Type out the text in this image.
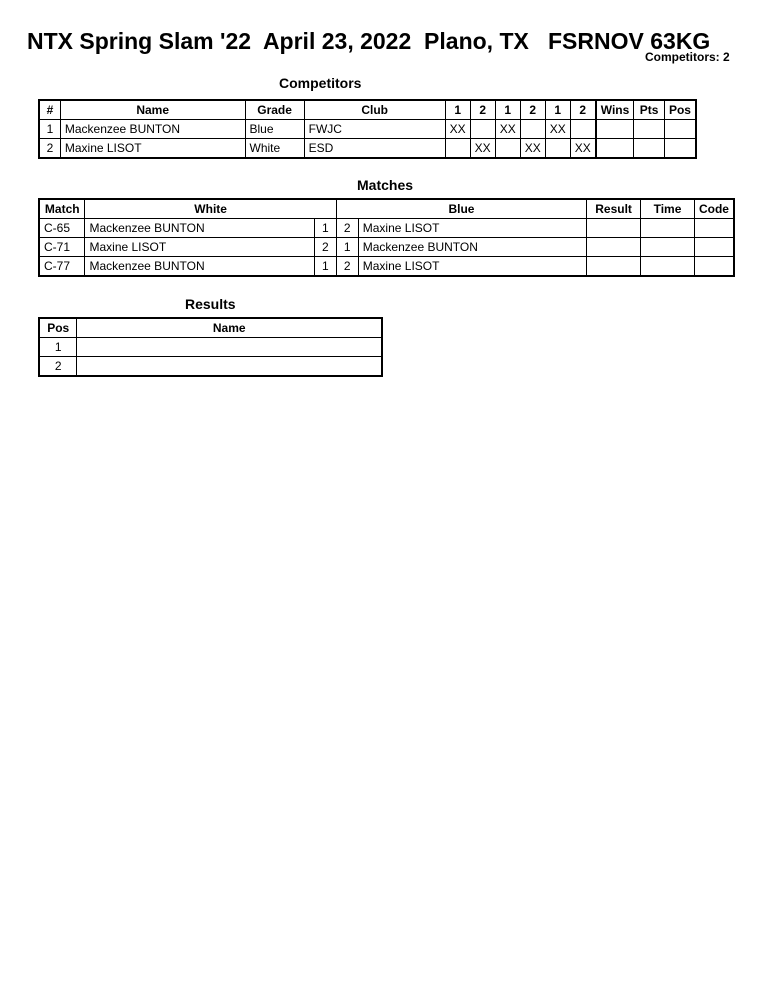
NTX Spring Slam '22  April 23, 2022  Plano, TX   FSRNOV 63KG
Competitors: 2
Competitors
#	Name	Grade	Club	1	2	1	2	1	2	Wins	Pts	Pos
1	Mackenzee BUNTON	Blue	FWJC	XX		XX		XX				
2	Maxine LISOT	White	ESD		XX		XX		XX			
Matches
Match	White		Blue		Result	Time	Code
C-65	Mackenzee BUNTON	1	2	Maxine LISOT			
C-71	Maxine LISOT	2	1	Mackenzee BUNTON			
C-77	Mackenzee BUNTON	1	2	Maxine LISOT			
Results
Pos	Name
1	
2	
